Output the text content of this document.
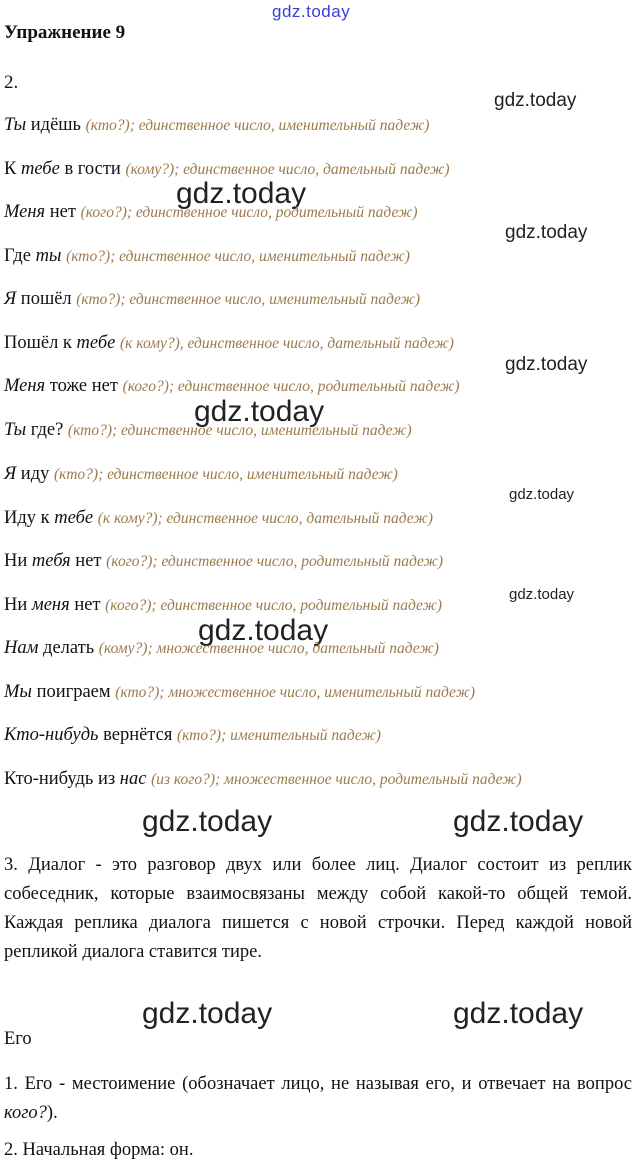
gdz.today
gdz.today
gdz.today
gdz.today
gdz.today
gdz.today
gdz.today
gdz.today
gdz.today
gdz.today	gdz.today
gdz.today	gdz.today
Упражнение 9
2.
Ты идёшь (кто?); единственное число, именительный падеж)
К тебе в гости (кому?); единственное число, дательный падеж)
Меня нет (кого?); единственное число, родительный падеж)
Где ты (кто?); единственное число, именительный падеж)
Я пошёл (кто?); единственное число, именительный падеж)
Пошёл к тебе (к кому?), единственное число, дательный падеж)
Меня тоже нет (кого?); единственное число, родительный падеж)
Ты где? (кто?); единственное число, именительный падеж)
Я иду (кто?); единственное число, именительный падеж)
Иду к тебе (к кому?); единственное число, дательный падеж)
Ни тебя нет (кого?); единственное число, родительный падеж)
Ни меня нет (кого?); единственное число, родительный падеж)
Нам делать (кому?); множественное число, дательный падеж)
Мы поиграем (кто?); множественное число, именительный падеж)
Кто-нибудь вернётся (кто?); именительный падеж)
Кто-нибудь из нас (из кого?); множественное число, родительный падеж)

3. Диалог - это разговор двух или более лиц. Диалог состоит из реплик собеседник, которые взаимосвязаны между собой какой-то общей темой. Каждая реплика диалога пишется с новой строчки. Перед каждой новой репликой диалога ставится тире.

Его

1. Его - местоимение (обозначает лицо, не называя его, и отвечает на вопрос кого?).

2. Начальная форма: он.
